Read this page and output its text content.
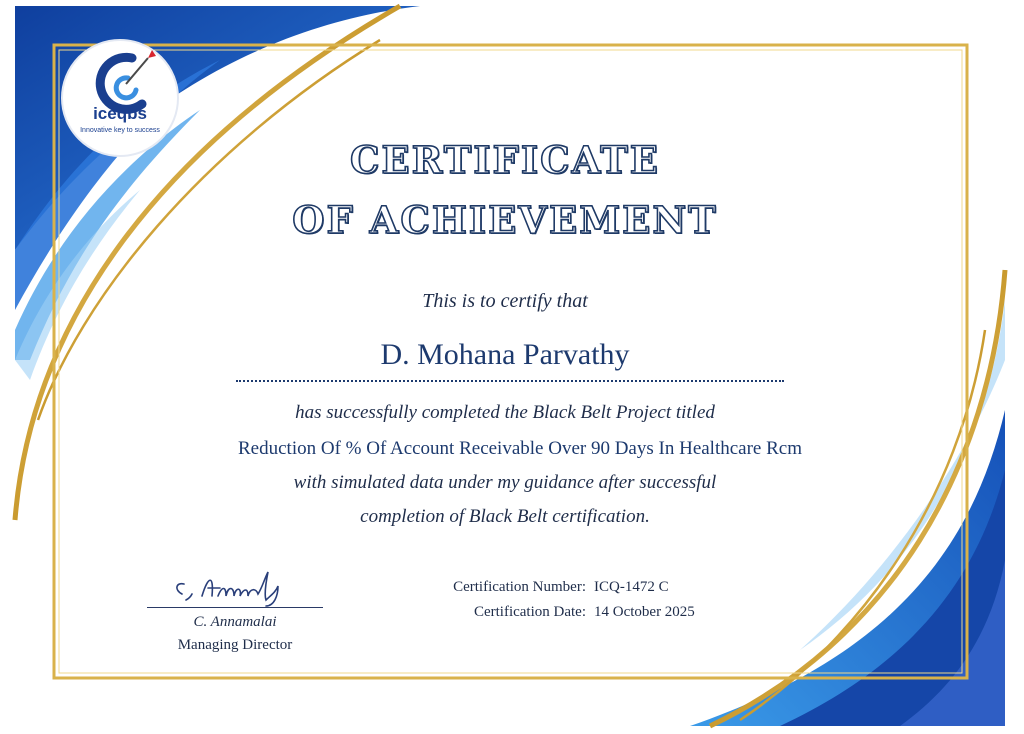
iceqbs
Innovative key to success
CERTIFICATE
OF ACHIEVEMENT
This is to certify that
D. Mohana Parvathy
has successfully completed the Black Belt Project titled
Reduction Of % Of Account Receivable Over 90 Days In Healthcare Rcm
with simulated data under my guidance after successful
completion of Black Belt certification.
C. Annamalai
Managing Director
Certification Number: ICQ-1472 C
Certification Date: 14 October 2025
